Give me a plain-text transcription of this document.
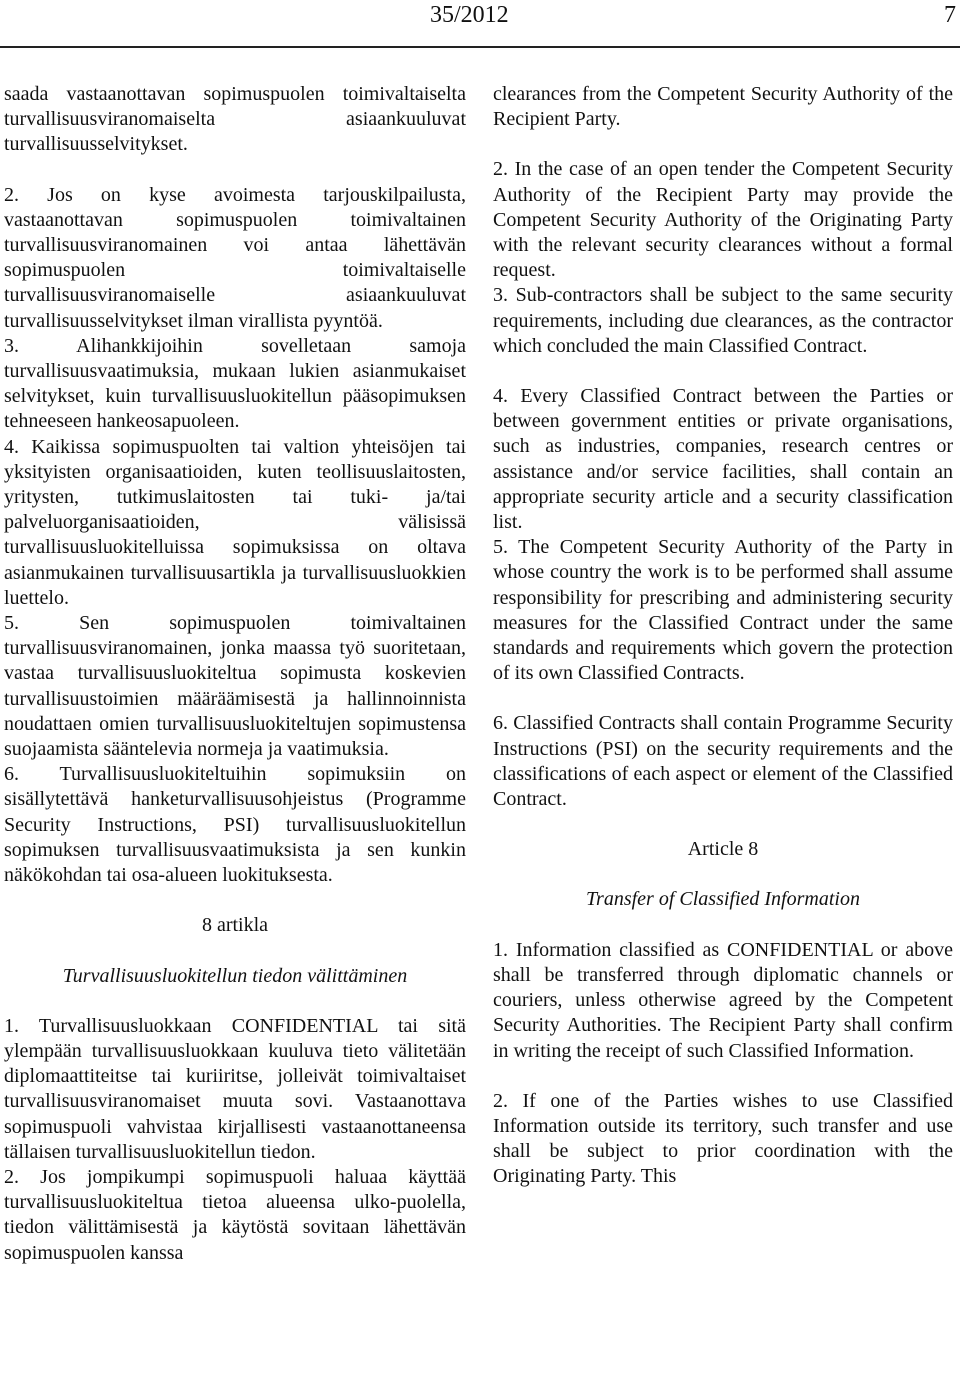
35/2012	7

saada vastaanottavan sopimuspuolen toimivaltaiselta turvallisuusviranomaiselta asiaankuuluvat turvallisuusselvitykset.

2. Jos on kyse avoimesta tarjouskilpailusta, vastaanottavan sopimuspuolen toimivaltainen turvallisuusviranomainen voi antaa lähettävän sopimuspuolen toimivaltaiselle turvallisuusviranomaiselle asiaankuuluvat turvallisuusselvitykset ilman virallista pyyntöä.

3. Alihankkijoihin sovelletaan samoja turvallisuusvaatimuksia, mukaan lukien asianmukaiset selvitykset, kuin turvallisuusluokitellun pääsopimuksen tehneeseen hankeosapuoleen.

4. Kaikissa sopimuspuolten tai valtion yhteisöjen tai yksityisten organisaatioiden, kuten teollisuuslaitosten, yritysten, tutkimuslaitosten tai tuki- ja/tai palveluorganisaatioiden, välisissä turvallisuusluokitelluissa sopimuksissa on oltava asianmukainen turvallisuusartikla ja turvallisuusluokkien luettelo.

5. Sen sopimuspuolen toimivaltainen turvallisuusviranomainen, jonka maassa työ suoritetaan, vastaa turvallisuusluokiteltua sopimusta koskevien turvallisuustoimien määräämisestä ja hallinnoinnista noudattaen omien turvallisuusluokiteltujen sopimustensa suojaamista sääntelevia normeja ja vaatimuksia.

6. Turvallisuusluokiteltuihin sopimuksiin on sisällytettävä hanketurvallisuusohjeistus (Programme Security Instructions, PSI) turvallisuusluokitellun sopimuksen turvallisuusvaatimuksista ja sen kunkin näkökohdan tai osa-alueen luokituksesta.

8 artikla

Turvallisuusluokitellun tiedon välittäminen

1. Turvallisuusluokkaan CONFIDENTIAL tai sitä ylempään turvallisuusluokkaan kuuluva tieto välitetään diplomaattiteitse tai kuriiritse, jolleivät toimivaltaiset turvallisuusviranomaiset muuta sovi. Vastaanottava sopimuspuoli vahvistaa kirjallisesti vastaanottaneensa tällaisen turvallisuusluokitellun tiedon.

2. Jos jompikumpi sopimuspuoli haluaa käyttää turvallisuusluokiteltua tietoa alueensa ulko-puolella, tiedon välittämisestä ja käytöstä sovitaan lähettävän sopimuspuolen kanssa

clearances from the Competent Security Authority of the Recipient Party.

2. In the case of an open tender the Competent Security Authority of the Recipient Party may provide the Competent Security Authority of the Originating Party with the relevant security clearances without a formal request.

3. Sub-contractors shall be subject to the same security requirements, including due clearances, as the contractor which concluded the main Classified Contract.

4. Every Classified Contract between the Parties or between government entities or private organisations, such as industries, companies, research centres or assistance and/or service facilities, shall contain an appropriate security article and a security classification list.

5. The Competent Security Authority of the Party in whose country the work is to be performed shall assume responsibility for prescribing and administering security measures for the Classified Contract under the same standards and requirements which govern the protection of its own Classified Contracts.

6. Classified Contracts shall contain Programme Security Instructions (PSI) on the security requirements and the classifications of each aspect or element of the Classified Contract.

Article 8

Transfer of Classified Information

1. Information classified as CONFIDENTIAL or above shall be transferred through diplomatic channels or couriers, unless otherwise agreed by the Competent Security Authorities. The Recipient Party shall confirm in writing the receipt of such Classified Information.

2. If one of the Parties wishes to use Classified Information outside its territory, such transfer and use shall be subject to prior coordination with the Originating Party. This
